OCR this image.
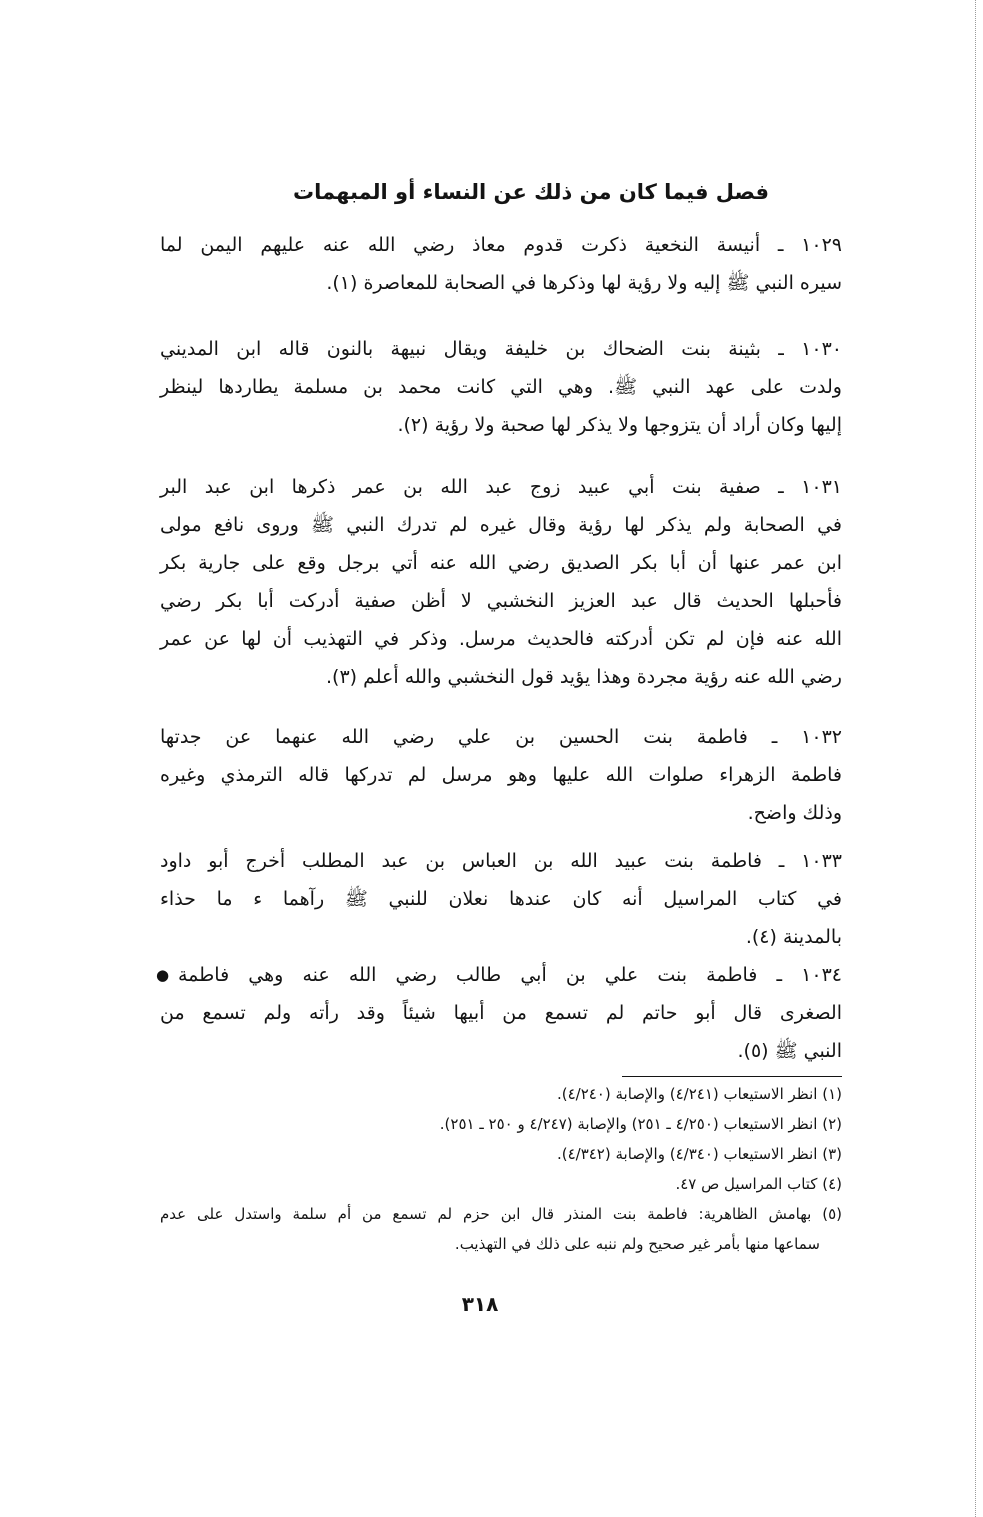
فصل فيما كان من ذلك عن النساء أو المبهمات
١٠٢٩ ـ أنيسة النخعية ذكرت قدوم معاذ رضي الله عنه عليهم اليمن لما
سيره النبي ﷺ إليه ولا رؤية لها وذكرها في الصحابة للمعاصرة (١).
١٠٣٠ ـ بثينة بنت الضحاك بن خليفة ويقال نبيهة بالنون قاله ابن المديني
ولدت على عهد النبي ﷺ. وهي التي كانت محمد بن مسلمة يطاردها لينظر
إليها وكان أراد أن يتزوجها ولا يذكر لها صحبة ولا رؤية (٢).
١٠٣١ ـ صفية بنت أبي عبيد زوج عبد الله بن عمر ذكرها ابن عبد البر
في الصحابة ولم يذكر لها رؤية وقال غيره لم تدرك النبي ﷺ وروى نافع مولى
ابن عمر عنها أن أبا بكر الصديق رضي الله عنه أتي برجل وقع على جارية بكر
فأحبلها الحديث قال عبد العزيز النخشبي لا أظن صفية أدركت أبا بكر رضي
الله عنه فإن لم تكن أدركته فالحديث مرسل. وذكر في التهذيب أن لها عن عمر
رضي الله عنه رؤية مجردة وهذا يؤيد قول النخشبي والله أعلم (٣).
١٠٣٢ ـ فاطمة بنت الحسين بن علي رضي الله عنهما عن جدتها
فاطمة الزهراء صلوات الله عليها وهو مرسل لم تدركها قاله الترمذي وغيره
وذلك واضح.
١٠٣٣ ـ فاطمة بنت عبيد الله بن العباس بن عبد المطلب أخرج أبو داود
في كتاب المراسيل أنه كان عندها نعلان للنبي ﷺ رآهما ء ما حذاء
بالمدينة (٤).
● ١٠٣٤ ـ فاطمة بنت علي بن أبي طالب رضي الله عنه وهي فاطمة
الصغرى قال أبو حاتم لم تسمع من أبيها شيئاً وقد رأته ولم تسمع من
النبي ﷺ (٥).
(١) انظر الاستيعاب (٤/٢٤١) والإصابة (٤/٢٤٠).
(٢) انظر الاستيعاب (٤/٢٥٠ ـ ٢٥١) والإصابة (٤/٢٤٧ و ٢٥٠ ـ ٢٥١).
(٣) انظر الاستيعاب (٤/٣٤٠) والإصابة (٤/٣٤٢).
(٤) كتاب المراسيل ص ٤٧.
(٥) بهامش الظاهرية: فاطمة بنت المنذر قال ابن حزم لم تسمع من أم سلمة واستدل على عدم
سماعها منها بأمر غير صحيح ولم ننبه على ذلك في التهذيب.
٣١٨
